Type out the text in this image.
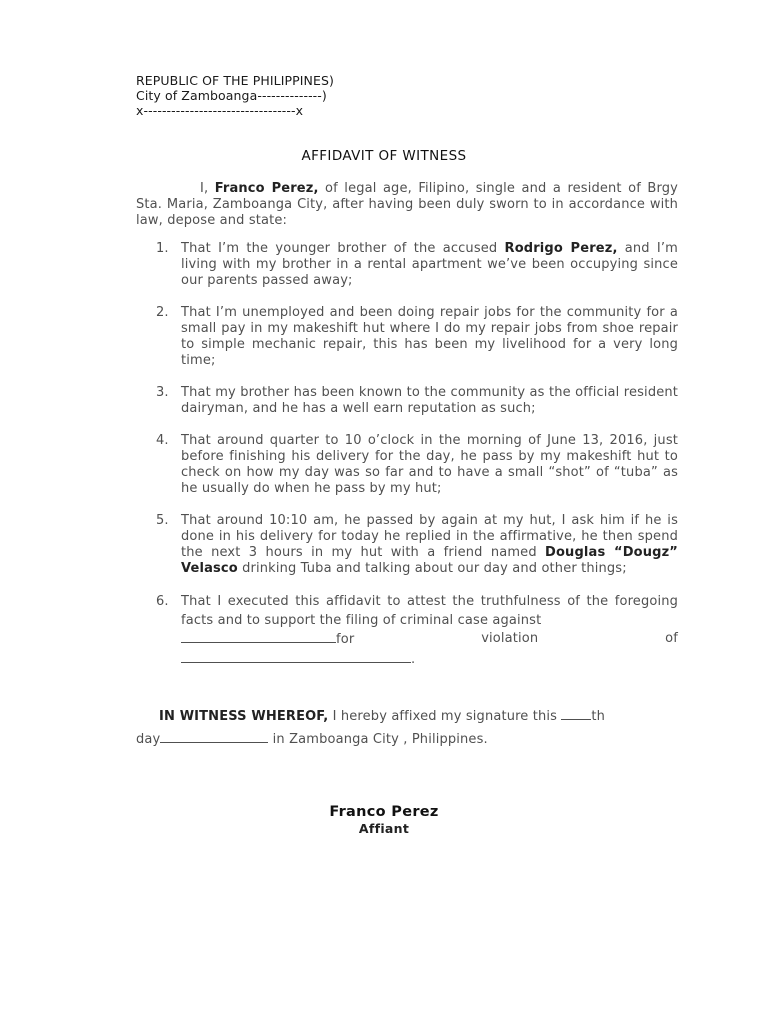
REPUBLIC OF THE PHILIPPINES)
City of Zamboanga--------------)
x---------------------------------x
AFFIDAVIT OF WITNESS
I, Franco Perez, of legal age, Filipino, single and a resident of Brgy Sta. Maria, Zamboanga City, after having been duly sworn to in accordance with law, depose and state:
1. That I’m the younger brother of the accused Rodrigo Perez, and I’m living with my brother in a rental apartment we’ve been occupying since our parents passed away;
2. That I’m unemployed and been doing repair jobs for the community for a small pay in my makeshift hut where I do my repair jobs from shoe repair to simple mechanic repair, this has been my livelihood for a very long time;
3. That my brother has been known to the community as the official resident dairyman, and he has a well earn reputation as such;
4. That around quarter to 10 o’clock in the morning of June 13, 2016, just before finishing his delivery for the day, he pass by my makeshift hut to check on how my day was so far and to have a small “shot” of “tuba” as he usually do when he pass by my hut;
5. That around 10:10 am, he passed by again at my hut, I ask him if he is done in his delivery for today he replied in the affirmative, he then spend the next 3 hours in my hut with a friend named Douglas “Dougz” Velasco drinking Tuba and talking about our day and other things;
6. That I executed this affidavit to attest the truthfulness of the foregoing facts and to support the filing of criminal case against
for	violation	of
.
IN WITNESS WHEREOF, I hereby affixed my signature this th
day	in Zamboanga City , Philippines.
Franco Perez
Affiant
